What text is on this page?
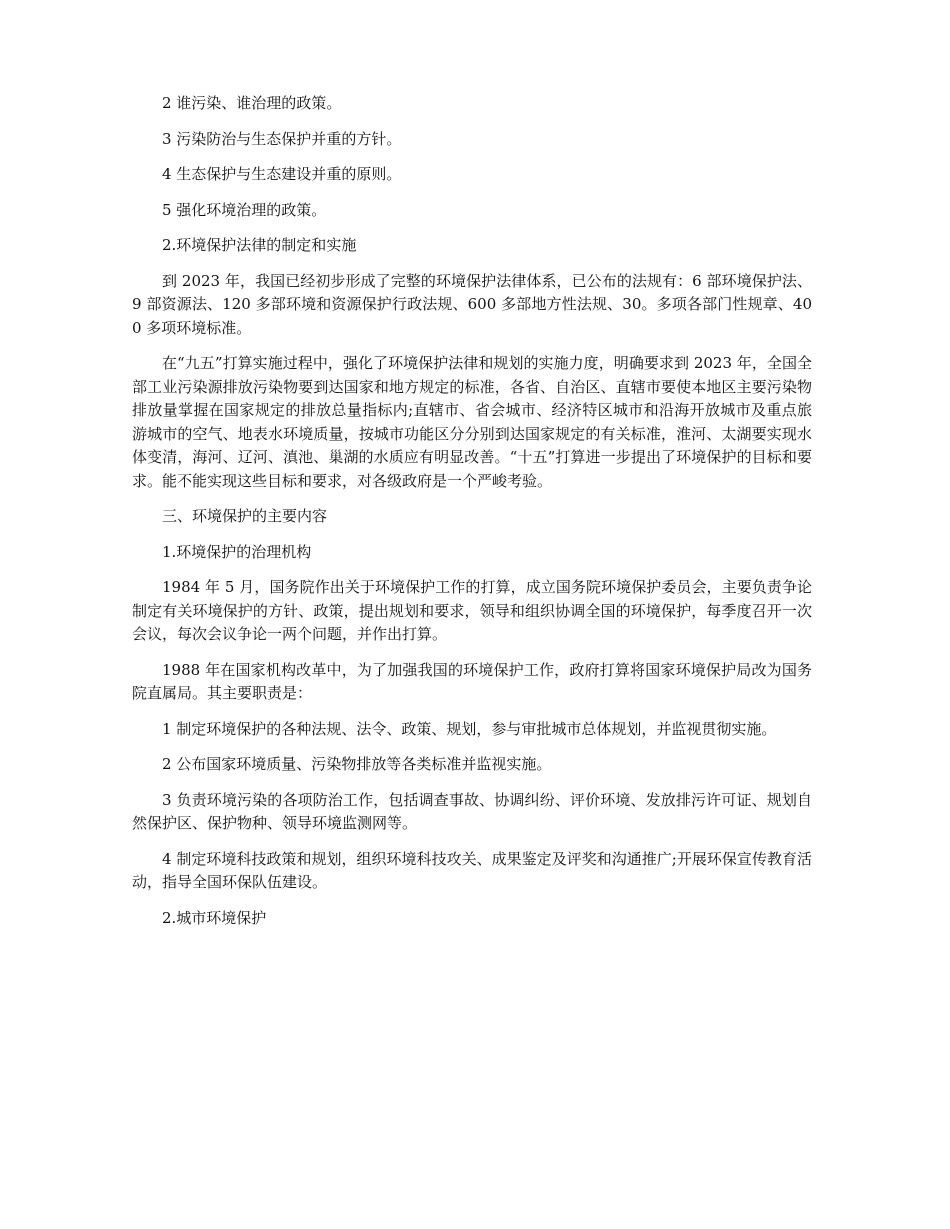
2 谁污染、谁治理的政策。

3 污染防治与生态保护并重的方针。

4 生态保护与生态建设并重的原则。

5 强化环境治理的政策。

2.环境保护法律的制定和实施

到 2023 年，我国已经初步形成了完整的环境保护法律体系，已公布的法规有：6 部环境保护法、9 部资源法、120 多部环境和资源保护行政法规、600 多部地方性法规、30。多项各部门性规章、400 多项环境标准。

在“九五”打算实施过程中，强化了环境保护法律和规划的实施力度，明确要求到 2023 年，全国全部工业污染源排放污染物要到达国家和地方规定的标准，各省、自治区、直辖市要使本地区主要污染物排放量掌握在国家规定的排放总量指标内;直辖市、省会城市、经济特区城市和沿海开放城市及重点旅游城市的空气、地表水环境质量，按城市功能区分分别到达国家规定的有关标准，淮河、太湖要实现水体变清，海河、辽河、滇池、巢湖的水质应有明显改善。“十五”打算进一步提出了环境保护的目标和要求。能不能实现这些目标和要求，对各级政府是一个严峻考验。

三、环境保护的主要内容

1.环境保护的治理机构

1984 年 5 月，国务院作出关于环境保护工作的打算，成立国务院环境保护委员会，主要负责争论制定有关环境保护的方针、政策，提出规划和要求，领导和组织协调全国的环境保护，每季度召开一次会议，每次会议争论一两个问题，并作出打算。

1988 年在国家机构改革中，为了加强我国的环境保护工作，政府打算将国家环境保护局改为国务院直属局。其主要职责是：

1 制定环境保护的各种法规、法令、政策、规划，参与审批城市总体规划，并监视贯彻实施。

2 公布国家环境质量、污染物排放等各类标准并监视实施。

3 负责环境污染的各项防治工作，包括调查事故、协调纠纷、评价环境、发放排污许可证、规划自然保护区、保护物种、领导环境监测网等。

4 制定环境科技政策和规划，组织环境科技攻关、成果鉴定及评奖和沟通推广;开展环保宣传教育活动，指导全国环保队伍建设。

2.城市环境保护
